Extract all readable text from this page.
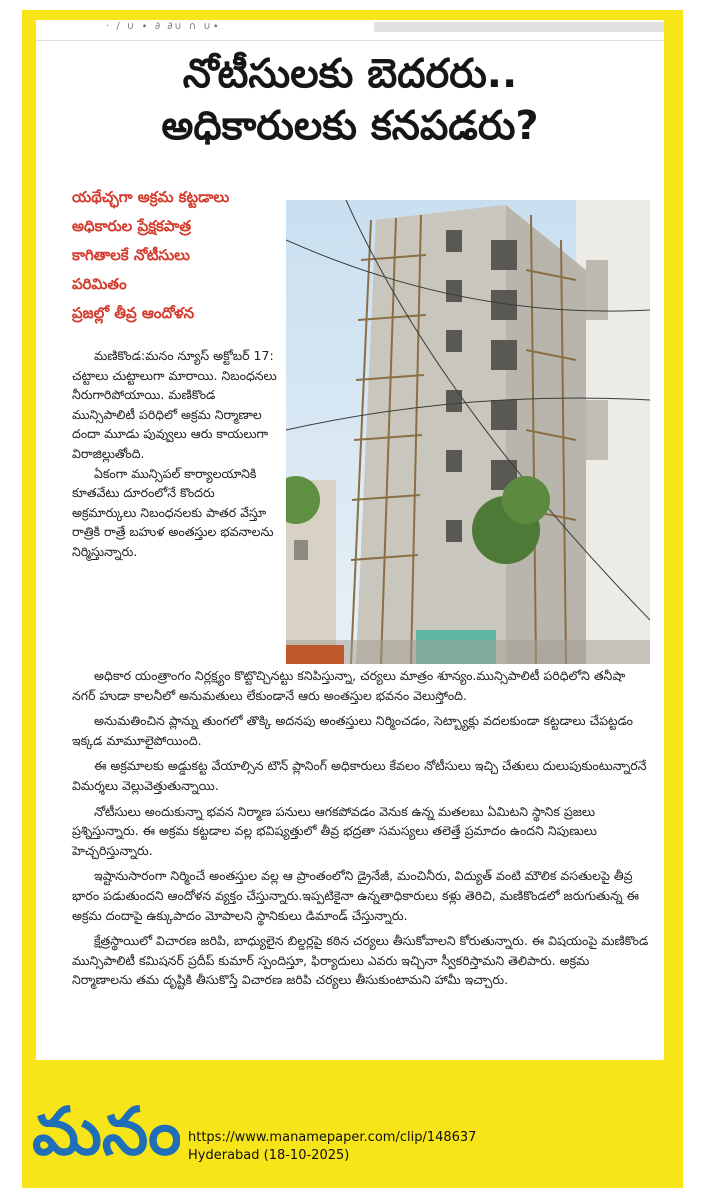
· ∕ ∪ ∙ ∂ ∂∪ ∩ ∪∙
నోటీసులకు బెదరరు..
అధికారులకు కనపడరు?
యథేచ్ఛగా అక్రమ కట్టడాలు
అధికారుల ప్రేక్షకపాత్ర
కాగితాలకే నోటీసులు
పరిమితం
ప్రజల్లో తీవ్ర ఆందోళన

మణికొండ:మనం న్యూస్ అక్టోబర్ 17: చట్టాలు చుట్టాలుగా మారాయి. నిబంధనలు నీరుగారిపోయాయి. మణికొండ మున్సిపాలిటీ పరిధిలో అక్రమ నిర్మాణాల దందా మూడు పువ్వులు ఆరు కాయలుగా విరాజిల్లుతోంది.

ఏకంగా మున్సిపల్ కార్యాలయానికి కూతవేటు దూరంలోనే కొందరు అక్రమార్కులు నిబంధనలకు పాతర వేస్తూ రాత్రికి రాత్రే బహుళ అంతస్తుల భవనాలను నిర్మిస్తున్నారు.

అధికార యంత్రాంగం నిర్లక్ష్యం కొట్టొచ్చినట్టు కనిపిస్తున్నా, చర్యలు మాత్రం శూన్యం.మున్సిపాలిటీ పరిధిలోని తనీషా నగర్ హుడా కాలనీలో అనుమతులు లేకుండానే ఆరు అంతస్తుల భవనం వెలుస్తోంది.

అనుమతించిన ప్లాన్ను తుంగలో తొక్కి అదనపు అంతస్తులు నిర్మించడం, సెట్బ్యాక్లు వదలకుండా కట్టడాలు చేపట్టడం ఇక్కడ మామూలైపోయింది.

ఈ అక్రమాలకు అడ్డుకట్ట వేయాల్సిన టౌన్ ప్లానింగ్ అధికారులు కేవలం నోటీసులు ఇచ్చి చేతులు దులుపుకుంటున్నారనే విమర్శలు వెల్లువెత్తుతున్నాయి.

నోటీసులు అందుకున్నా భవన నిర్మాణ పనులు ఆగకపోవడం వెనుక ఉన్న మతలబు ఏమిటని స్థానిక ప్రజలు ప్రశ్నిస్తున్నారు. ఈ అక్రమ కట్టడాల వల్ల భవిష్యత్తులో తీవ్ర భద్రతా సమస్యలు తలెత్తే ప్రమాదం ఉందని నిపుణులు హెచ్చరిస్తున్నారు.

ఇష్టానుసారంగా నిర్మించే అంతస్తుల వల్ల ఆ ప్రాంతంలోని డ్రైనేజీ, మంచినీరు, విద్యుత్ వంటి మౌలిక వసతులపై తీవ్ర భారం పడుతుందని ఆందోళన వ్యక్తం చేస్తున్నారు.ఇప్పటికైనా ఉన్నతాధికారులు కళ్లు తెరిచి, మణికొండలో జరుగుతున్న ఈ అక్రమ దందాపై ఉక్కుపాదం మోపాలని స్థానికులు డిమాండ్ చేస్తున్నారు.

క్షేత్రస్థాయిలో విచారణ జరిపి, బాధ్యులైన బిల్డర్లపై కఠిన చర్యలు తీసుకోవాలని కోరుతున్నారు. ఈ విషయంపై మణికొండ మున్సిపాలిటీ కమిషనర్ ప్రదీప్ కుమార్ స్పందిస్తూ, ఫిర్యాదులు ఎవరు ఇచ్చినా స్వీకరిస్తామని తెలిపారు. అక్రమ నిర్మాణాలను తమ దృష్టికి తీసుకొస్తే విచారణ జరిపి చర్యలు తీసుకుంటామని హామీ ఇచ్చారు.

మనం https://www.manamepaper.com/clip/148637
Hyderabad (18-10-2025)
